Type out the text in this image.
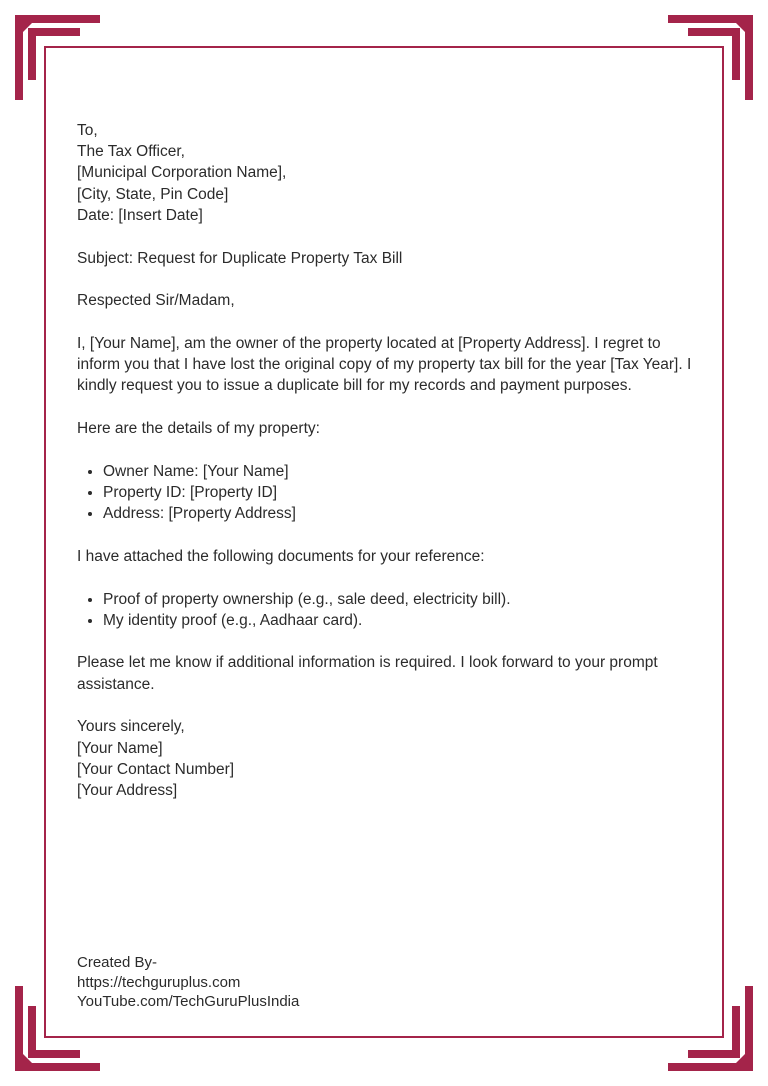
To,

The Tax Officer,

[Municipal Corporation Name],

[City, State, Pin Code]

Date: [Insert Date]

Subject: Request for Duplicate Property Tax Bill

Respected Sir/Madam,

I, [Your Name], am the owner of the property located at [Property Address]. I regret to inform you that I have lost the original copy of my property tax bill for the year [Tax Year]. I kindly request you to issue a duplicate bill for my records and payment purposes.

Here are the details of my property:

• Owner Name: [Your Name]
• Property ID: [Property ID]
• Address: [Property Address]

I have attached the following documents for your reference:

• Proof of property ownership (e.g., sale deed, electricity bill).
• My identity proof (e.g., Aadhaar card).

Please let me know if additional information is required. I look forward to your prompt assistance.

Yours sincerely,

[Your Name]

[Your Contact Number]

[Your Address]

Created By-

https://techguruplus.com

YouTube.com/TechGuruPlusIndia
